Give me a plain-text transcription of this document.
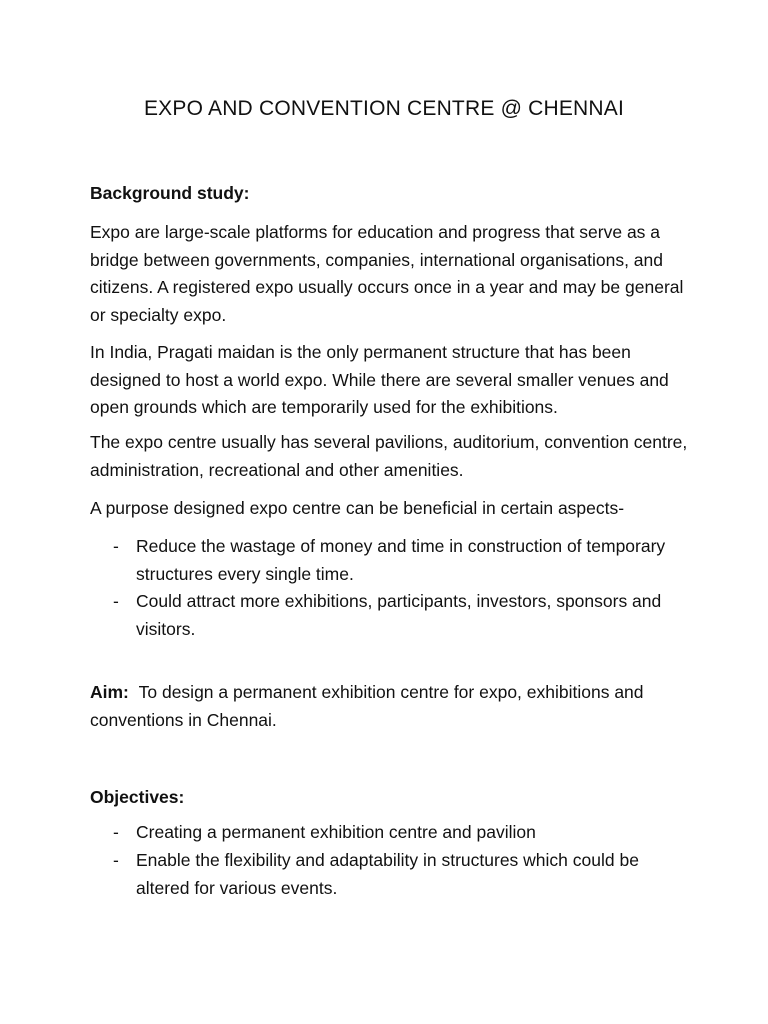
EXPO AND CONVENTION CENTRE @ CHENNAI
Background study:

Expo are large-scale platforms for education and progress that serve as a bridge between governments, companies, international organisations, and citizens. A registered expo usually occurs once in a year and may be general or specialty expo.

In India, Pragati maidan is the only permanent structure that has been designed to host a world expo. While there are several smaller venues and open grounds which are temporarily used for the exhibitions.

The expo centre usually has several pavilions, auditorium, convention centre, administration, recreational and other amenities.

A purpose designed expo centre can be beneficial in certain aspects-

- Reduce the wastage of money and time in construction of temporary structures every single time.
- Could attract more exhibitions, participants, investors, sponsors and visitors.
Aim: To design a permanent exhibition centre for expo, exhibitions and conventions in Chennai.
Objectives:
- Creating a permanent exhibition centre and pavilion
- Enable the flexibility and adaptability in structures which could be altered for various events.
